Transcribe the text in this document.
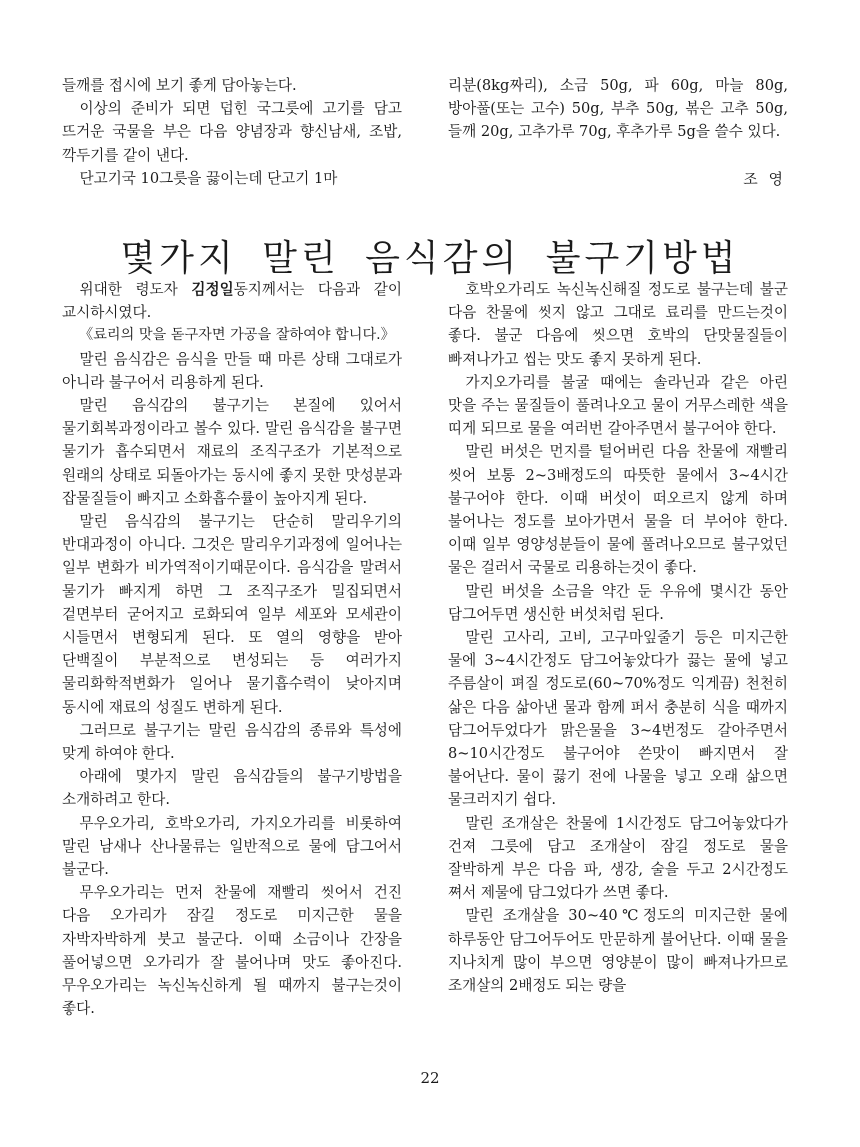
들깨를 접시에 보기 좋게 담아놓는다.

이상의 준비가 되면 덥힌 국그릇에 고기를 담고 뜨거운 국물을 부은 다음 양념장과 향신남새, 조밥, 깍두기를 같이 낸다.

단고기국 10그릇을 끓이는데 단고기 1마

리분(8kg짜리), 소금 50g, 파 60g, 마늘 80g, 방아풀(또는 고수) 50g, 부추 50g, 볶은 고추 50g, 들깨 20g, 고추가루 70g, 후추가루 5g을 쓸수 있다.

조 영
몇가지 말린 음식감의 불구기방법

위대한 령도자 김정일동지께서는 다음과 같이 교시하시였다.

《료리의 맛을 돋구자면 가공을 잘하여야 합니다.》

말린 음식감은 음식을 만들 때 마른 상태 그대로가 아니라 불구어서 리용하게 된다.

말린 음식감의 불구기는 본질에 있어서 물기회복과정이라고 볼수 있다. 말린 음식감을 불구면 물기가 흡수되면서 재료의 조직구조가 기본적으로 원래의 상태로 되돌아가는 동시에 좋지 못한 맛성분과 잡물질들이 빠지고 소화흡수률이 높아지게 된다.

말린 음식감의 불구기는 단순히 말리우기의 반대과정이 아니다. 그것은 말리우기과정에 일어나는 일부 변화가 비가역적이기때문이다. 음식감을 말려서 물기가 빠지게 하면 그 조직구조가 밀집되면서 겉면부터 굳어지고 로화되여 일부 세포와 모세관이 시들면서 변형되게 된다. 또 열의 영향을 받아 단백질이 부분적으로 변성되는 등 여러가지 물리화학적변화가 일어나 물기흡수력이 낮아지며 동시에 재료의 성질도 변하게 된다.

그러므로 불구기는 말린 음식감의 종류와 특성에 맞게 하여야 한다.

아래에 몇가지 말린 음식감들의 불구기방법을 소개하려고 한다.

무우오가리, 호박오가리, 가지오가리를 비롯하여 말린 남새나 산나물류는 일반적으로 물에 담그어서 불군다.

무우오가리는 먼저 찬물에 재빨리 씻어서 건진 다음 오가리가 잠길 정도로 미지근한 물을 자박자박하게 붓고 불군다. 이때 소금이나 간장을 풀어넣으면 오가리가 잘 불어나며 맛도 좋아진다. 무우오가리는 녹신녹신하게 될 때까지 불구는것이 좋다.

호박오가리도 녹신녹신해질 정도로 불구는데 불군 다음 찬물에 씻지 않고 그대로 료리를 만드는것이 좋다. 불군 다음에 씻으면 호박의 단맛물질들이 빠져나가고 씹는 맛도 좋지 못하게 된다.

가지오가리를 불굴 때에는 솔라닌과 같은 아린 맛을 주는 물질들이 풀려나오고 물이 거무스레한 색을 띠게 되므로 물을 여러번 갈아주면서 불구어야 한다.

말린 버섯은 먼지를 털어버린 다음 찬물에 재빨리 씻어 보통 2~3배정도의 따뜻한 물에서 3~4시간 불구어야 한다. 이때 버섯이 떠오르지 않게 하며 불어나는 정도를 보아가면서 물을 더 부어야 한다. 이때 일부 영양성분들이 물에 풀려나오므로 불구었던 물은 걸러서 국물로 리용하는것이 좋다.

말린 버섯을 소금을 약간 둔 우유에 몇시간 동안 담그어두면 생신한 버섯처럼 된다.

말린 고사리, 고비, 고구마잎줄기 등은 미지근한 물에 3~4시간정도 담그어놓았다가 끓는 물에 넣고 주름살이 펴질 정도로(60~70%정도 익게끔) 천천히 삶은 다음 삶아낸 물과 함께 퍼서 충분히 식을 때까지 담그어두었다가 맑은물을 3~4번정도 갈아주면서 8~10시간정도 불구어야 쓴맛이 빠지면서 잘 불어난다. 물이 끓기 전에 나물을 넣고 오래 삶으면 물크러지기 쉽다.

말린 조개살은 찬물에 1시간정도 담그어놓았다가 건져 그릇에 담고 조개살이 잠길 정도로 물을 잘박하게 부은 다음 파, 생강, 술을 두고 2시간정도 쪄서 제물에 담그었다가 쓰면 좋다.

말린 조개살을 30~40℃정도의 미지근한 물에 하루동안 담그어두어도 만문하게 불어난다. 이때 물을 지나치게 많이 부으면 영양분이 많이 빠져나가므로 조개살의 2배정도 되는 량을

22
